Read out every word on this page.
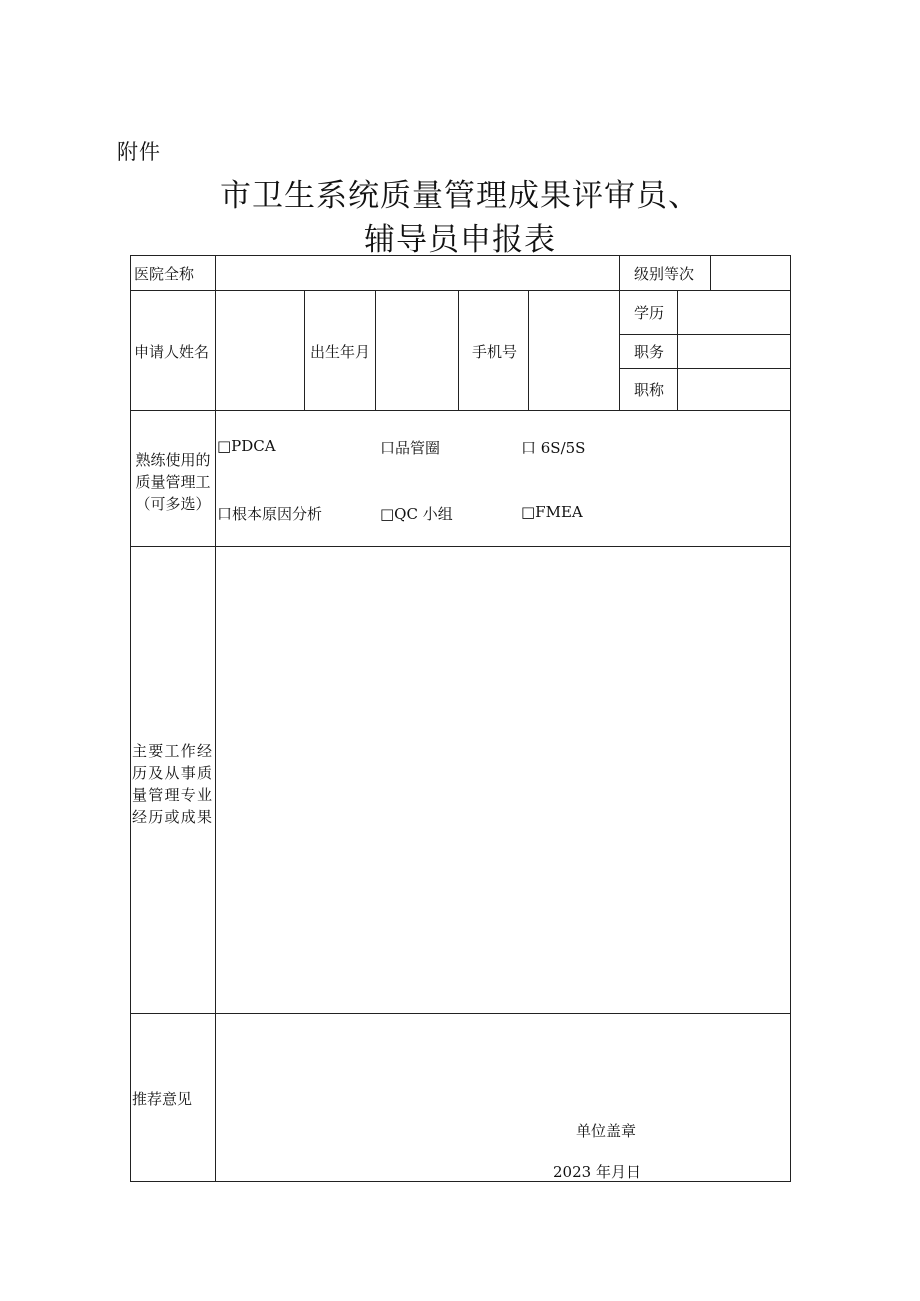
附件
市卫生系统质量管理成果评审员、
辅导员申报表
医院全称	级别等次
申请人姓名	出生年月	手机号
学历
职务
职称
熟练使用的质量管理工（可多选）
□PDCA	口品管圈	口 6S/5S
口根本原因分析	□QC 小组	□FMEA
主要工作经历及从事质量管理专业经历或成果
推荐意见
单位盖章
2023 年月日
